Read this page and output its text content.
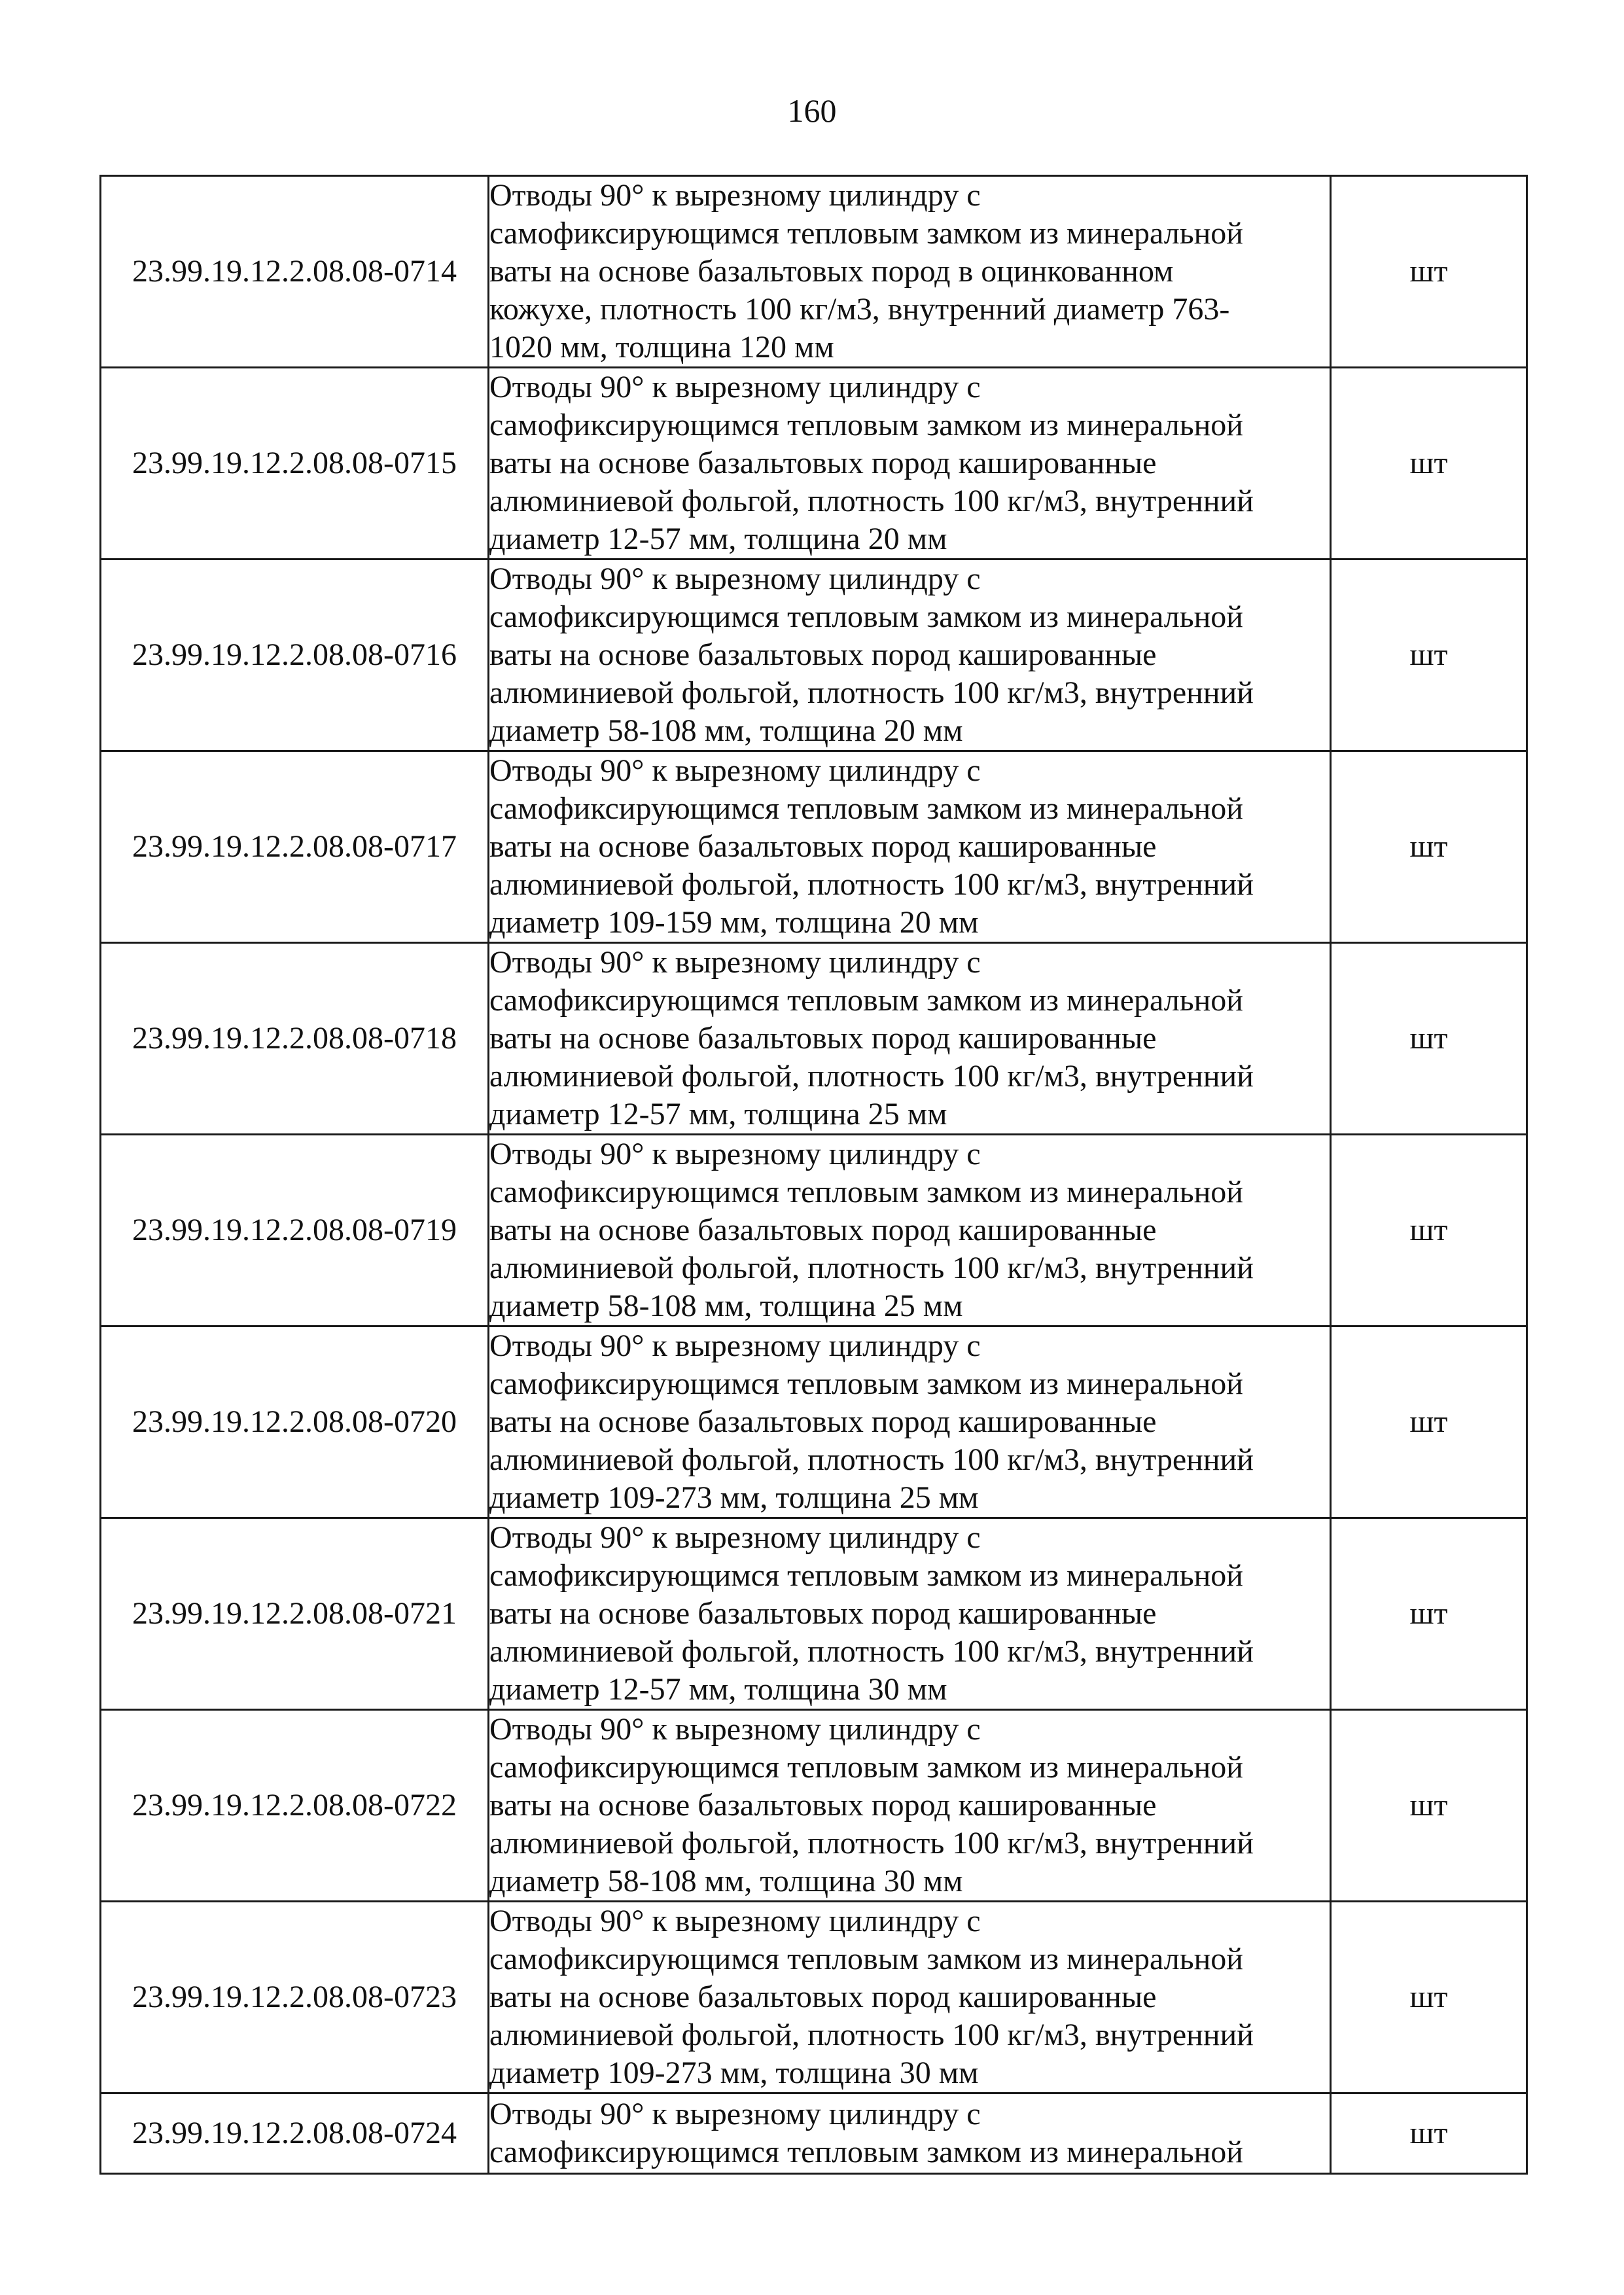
160
23.99.19.12.2.08.08-0714	Отводы 90° к вырезному цилиндру с
самофиксирующимся тепловым замком из минеральной
ваты на основе базальтовых пород в оцинкованном
кожухе, плотность 100 кг/м3, внутренний диаметр 763-
1020 мм, толщина 120 мм	шт
23.99.19.12.2.08.08-0715	Отводы 90° к вырезному цилиндру с
самофиксирующимся тепловым замком из минеральной
ваты на основе базальтовых пород кашированные
алюминиевой фольгой, плотность 100 кг/м3, внутренний
диаметр 12-57 мм, толщина 20 мм	шт
23.99.19.12.2.08.08-0716	Отводы 90° к вырезному цилиндру с
самофиксирующимся тепловым замком из минеральной
ваты на основе базальтовых пород кашированные
алюминиевой фольгой, плотность 100 кг/м3, внутренний
диаметр 58-108 мм, толщина 20 мм	шт
23.99.19.12.2.08.08-0717	Отводы 90° к вырезному цилиндру с
самофиксирующимся тепловым замком из минеральной
ваты на основе базальтовых пород кашированные
алюминиевой фольгой, плотность 100 кг/м3, внутренний
диаметр 109-159 мм, толщина 20 мм	шт
23.99.19.12.2.08.08-0718	Отводы 90° к вырезному цилиндру с
самофиксирующимся тепловым замком из минеральной
ваты на основе базальтовых пород кашированные
алюминиевой фольгой, плотность 100 кг/м3, внутренний
диаметр 12-57 мм, толщина 25 мм	шт
23.99.19.12.2.08.08-0719	Отводы 90° к вырезному цилиндру с
самофиксирующимся тепловым замком из минеральной
ваты на основе базальтовых пород кашированные
алюминиевой фольгой, плотность 100 кг/м3, внутренний
диаметр 58-108 мм, толщина 25 мм	шт
23.99.19.12.2.08.08-0720	Отводы 90° к вырезному цилиндру с
самофиксирующимся тепловым замком из минеральной
ваты на основе базальтовых пород кашированные
алюминиевой фольгой, плотность 100 кг/м3, внутренний
диаметр 109-273 мм, толщина 25 мм	шт
23.99.19.12.2.08.08-0721	Отводы 90° к вырезному цилиндру с
самофиксирующимся тепловым замком из минеральной
ваты на основе базальтовых пород кашированные
алюминиевой фольгой, плотность 100 кг/м3, внутренний
диаметр 12-57 мм, толщина 30 мм	шт
23.99.19.12.2.08.08-0722	Отводы 90° к вырезному цилиндру с
самофиксирующимся тепловым замком из минеральной
ваты на основе базальтовых пород кашированные
алюминиевой фольгой, плотность 100 кг/м3, внутренний
диаметр 58-108 мм, толщина 30 мм	шт
23.99.19.12.2.08.08-0723	Отводы 90° к вырезному цилиндру с
самофиксирующимся тепловым замком из минеральной
ваты на основе базальтовых пород кашированные
алюминиевой фольгой, плотность 100 кг/м3, внутренний
диаметр 109-273 мм, толщина 30 мм	шт
23.99.19.12.2.08.08-0724	Отводы 90° к вырезному цилиндру с
самофиксирующимся тепловым замком из минеральной	шт
